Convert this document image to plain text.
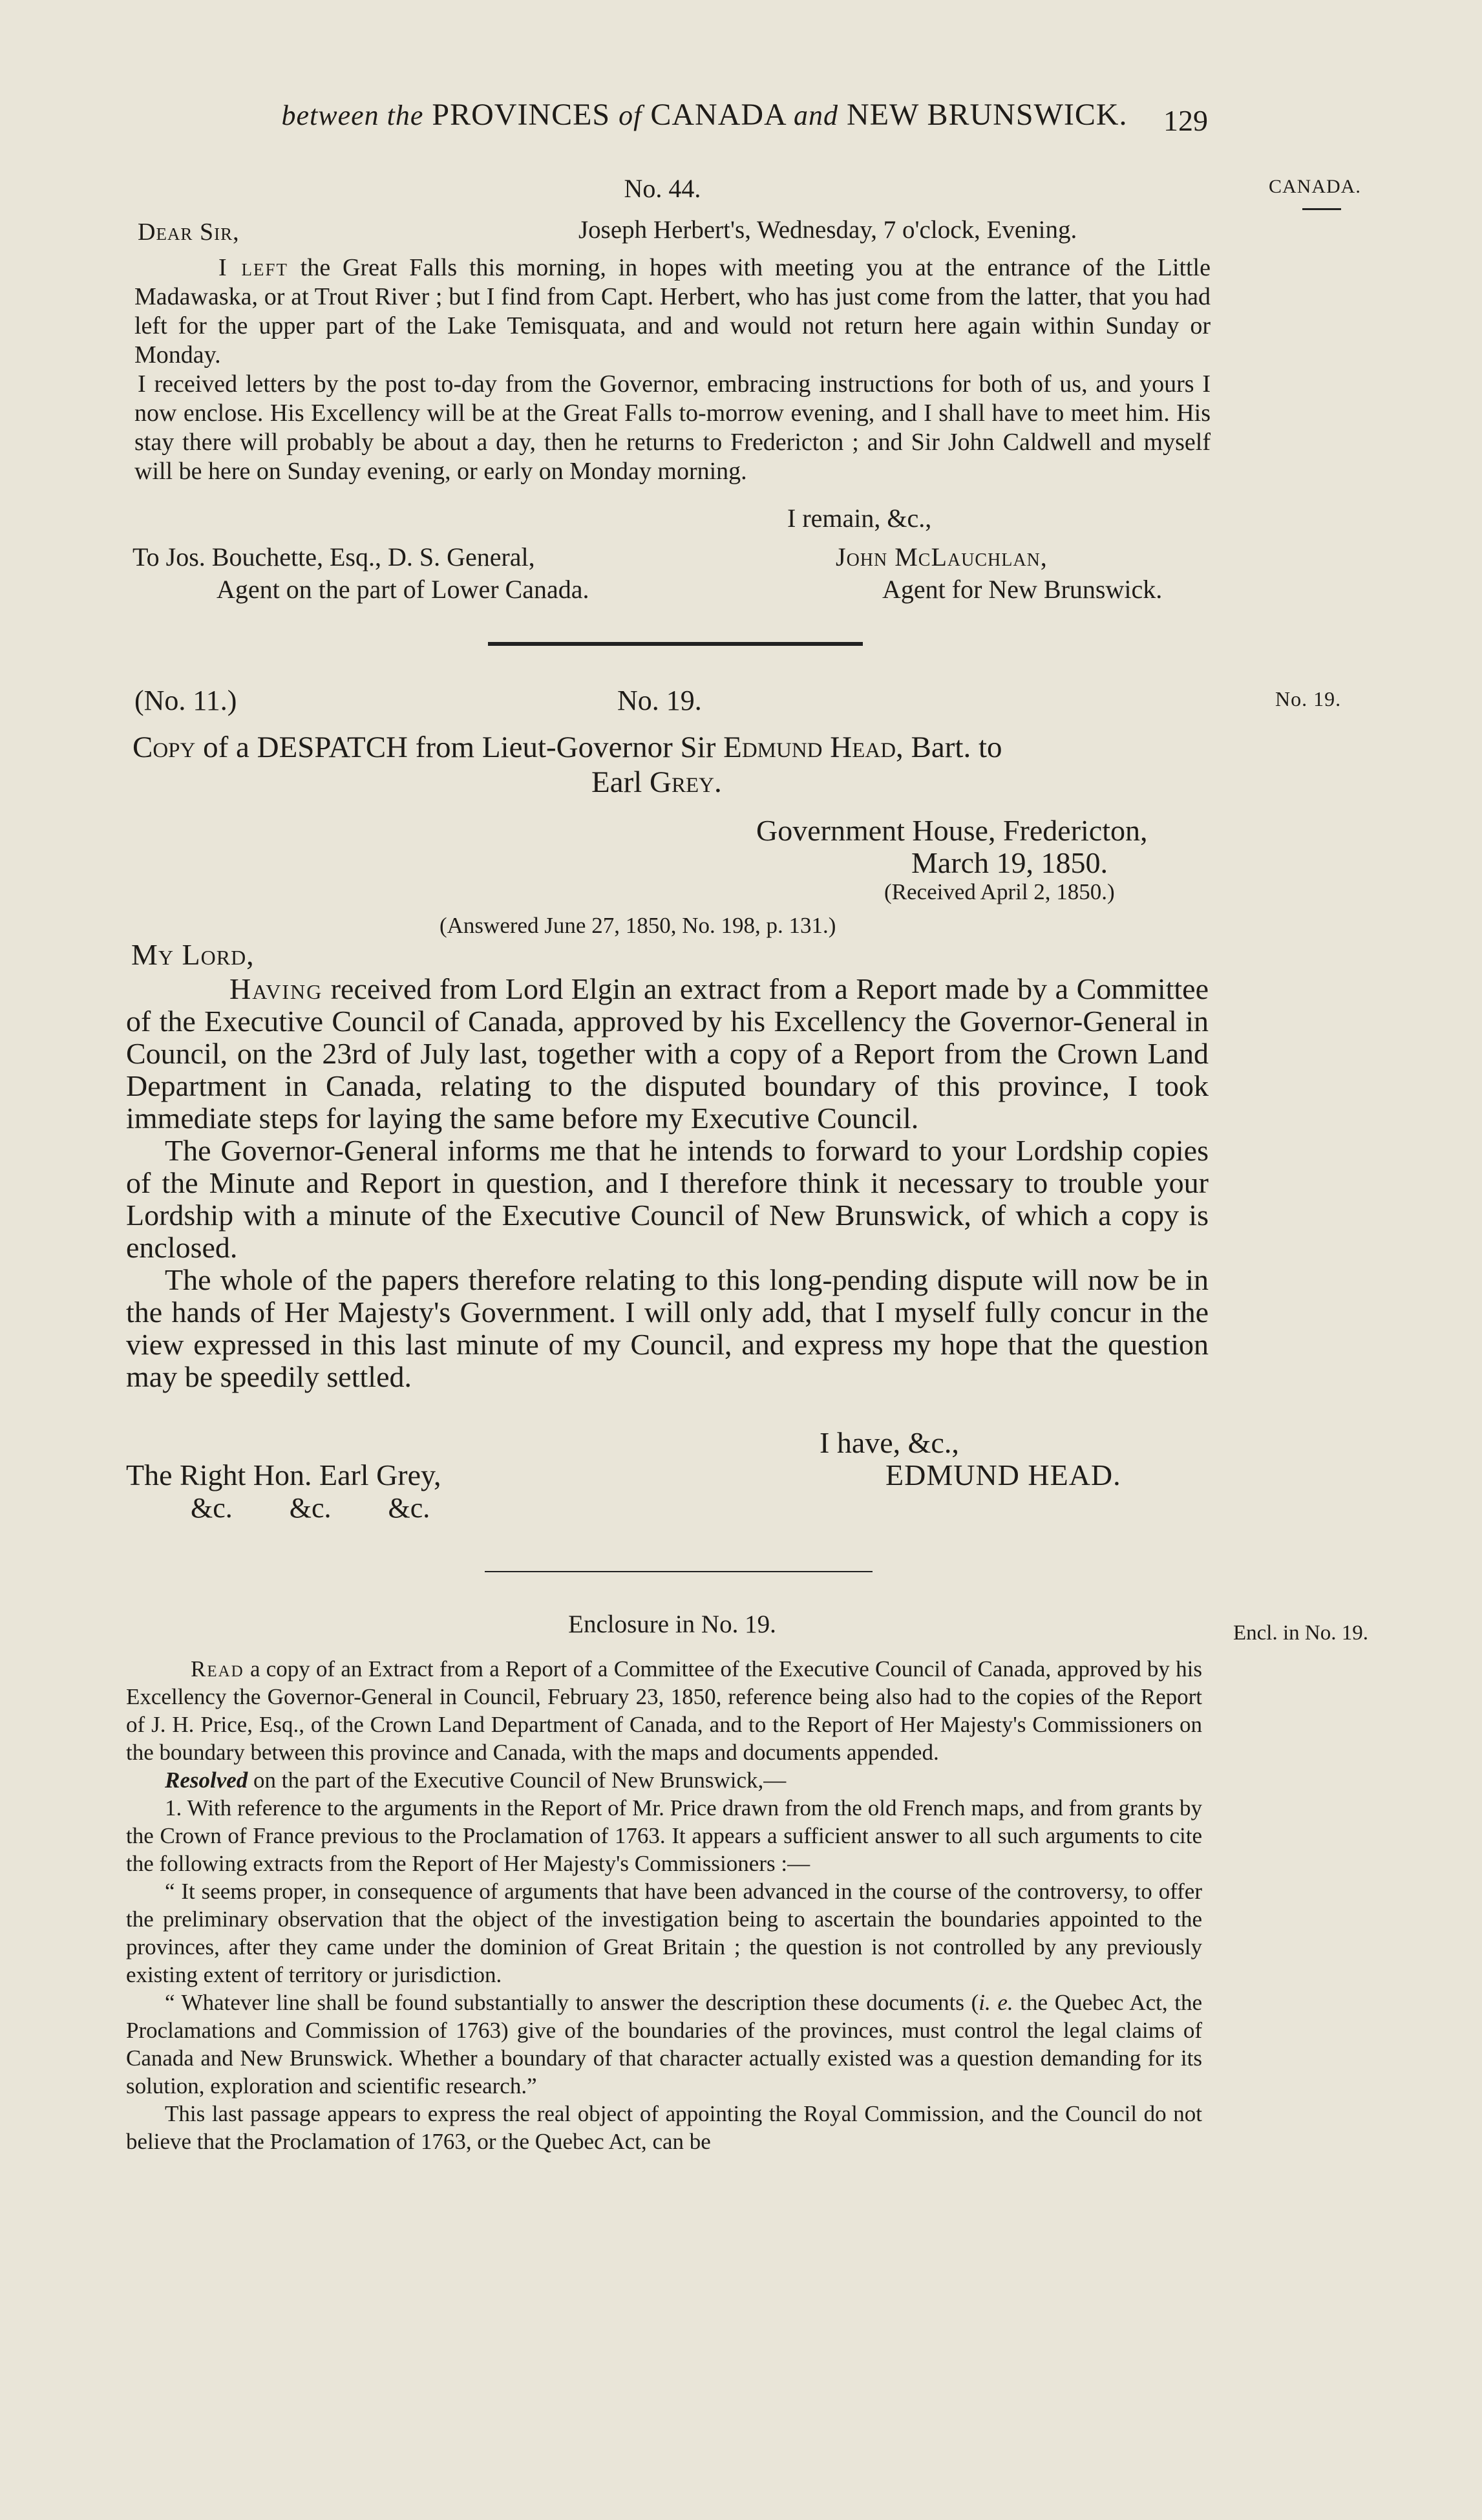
between the PROVINCES of CANADA and NEW BRUNSWICK.	129
CANADA.
No. 19.
Encl. in No. 19.
No. 44.
Dear Sir,	Joseph Herbert's, Wednesday, 7 o'clock, Evening.
I left the Great Falls this morning, in hopes with meeting you at the entrance of the Little Madawaska, or at Trout River ; but I find from Capt. Herbert, who has just come from the latter, that you had left for the upper part of the Lake Temisquata, and and would not return here again within Sunday or Monday.
I received letters by the post to-day from the Governor, embracing instructions for both of us, and yours I now enclose. His Excellency will be at the Great Falls to-morrow evening, and I shall have to meet him. His stay there will probably be about a day, then he returns to Fredericton ; and Sir John Caldwell and myself will be here on Sunday evening, or early on Monday morning.
I remain, &c.,
To Jos. Bouchette, Esq., D. S. General,
Agent on the part of Lower Canada.
John McLauchlan,
Agent for New Brunswick.
(No. 11.)	No. 19.
Copy of a DESPATCH from Lieut-Governor Sir Edmund Head, Bart. to
Earl Grey.
Government House, Fredericton,
March 19, 1850.
(Received April 2, 1850.)
(Answered June 27, 1850, No. 198, p. 131.)
My Lord,
Having received from Lord Elgin an extract from a Report made by a Committee of the Executive Council of Canada, approved by his Excellency the Governor-General in Council, on the 23rd of July last, together with a copy of a Report from the Crown Land Department in Canada, relating to the disputed boundary of this province, I took immediate steps for laying the same before my Executive Council.
The Governor-General informs me that he intends to forward to your Lordship copies of the Minute and Report in question, and I therefore think it necessary to trouble your Lordship with a minute of the Executive Council of New Brunswick, of which a copy is enclosed.
The whole of the papers therefore relating to this long-pending dispute will now be in the hands of Her Majesty's Government. I will only add, that I myself fully concur in the view expressed in this last minute of my Council, and express my hope that the question may be speedily settled.
I have, &c.,
The Right Hon. Earl Grey,	EDMUND HEAD.
&c.        &c.        &c.
Enclosure in No. 19.
Read a copy of an Extract from a Report of a Committee of the Executive Council of Canada, approved by his Excellency the Governor-General in Council, February 23, 1850, reference being also had to the copies of the Report of J. H. Price, Esq., of the Crown Land Department of Canada, and to the Report of Her Majesty's Commissioners on the boundary between this province and Canada, with the maps and documents appended.
Resolved on the part of the Executive Council of New Brunswick,—
1. With reference to the arguments in the Report of Mr. Price drawn from the old French maps, and from grants by the Crown of France previous to the Proclamation of 1763. It appears a sufficient answer to all such arguments to cite the following extracts from the Report of Her Majesty's Commissioners :—
“ It seems proper, in consequence of arguments that have been advanced in the course of the controversy, to offer the preliminary observation that the object of the investigation being to ascertain the boundaries appointed to the provinces, after they came under the dominion of Great Britain ; the question is not controlled by any previously existing extent of territory or jurisdiction.
“ Whatever line shall be found substantially to answer the description these documents (i. e. the Quebec Act, the Proclamations and Commission of 1763) give of the boundaries of the provinces, must control the legal claims of Canada and New Brunswick. Whether a boundary of that character actually existed was a question demanding for its solution, exploration and scientific research.”
This last passage appears to express the real object of appointing the Royal Commission, and the Council do not believe that the Proclamation of 1763, or the Quebec Act, can be
